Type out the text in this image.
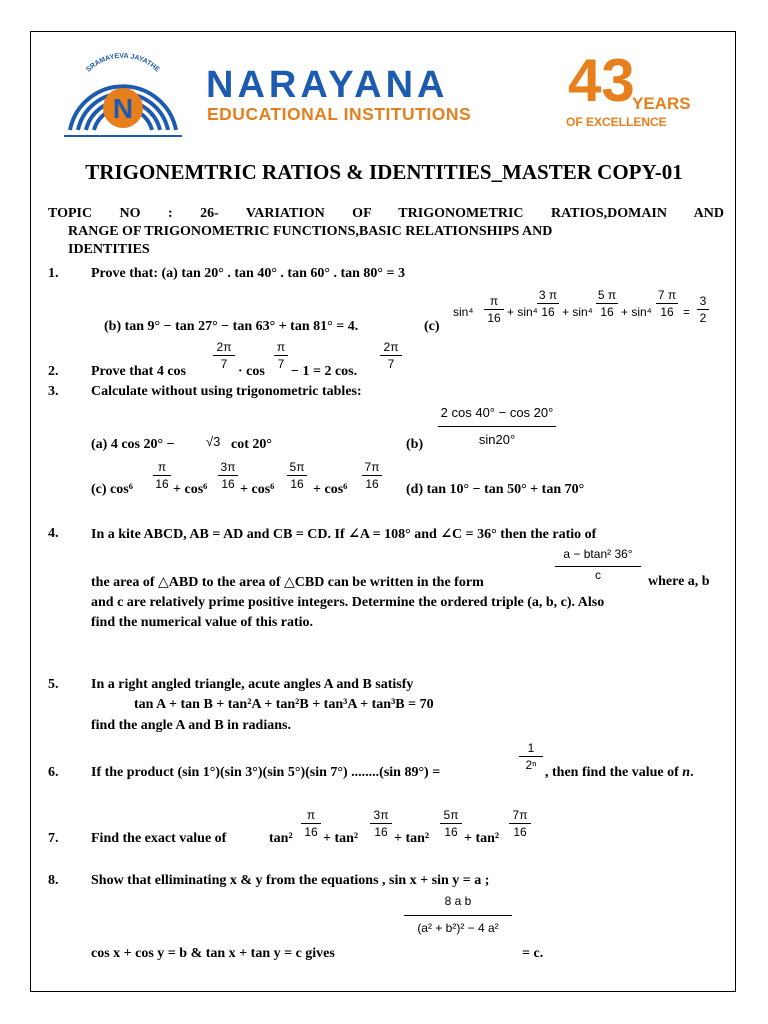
N
SRAMAYEVA JAYATHE NARAYANA
EDUCATIONAL INSTITUTIONS 43
YEARS
OF EXCELLENCE
TRIGONEMTRIC RATIOS & IDENTITIES_MASTER COPY-01
TOPIC NO : 26- VARIATION OF TRIGONOMETRIC RATIOS,DOMAIN AND
RANGE OF TRIGONOMETRIC FUNCTIONS,BASIC RELATIONSHIPS AND
IDENTITIES
1. Prove that: (a) tan 20° . tan 40° . tan 60° . tan 80° = 3
(b) tan 9° − tan 27° − tan 63° + tan 81° = 4.	(c)
sin⁴
π
16 + sin⁴
3 π
16 + sin⁴
5 π
16 + sin⁴
7 π
16 =
3
2
2. Prove that 4 cos
2π
7 · cos
π
7 − 1 = 2 cos.
2π
7
3. Calculate without using trigonometric tables:
(a) 4 cos 20° − √3 cot 20°	(b)
2 cos 40° − cos 20°
sin20°
(c) cos⁶
π
16 + cos⁶
3π
16 + cos⁶
5π
16 + cos⁶
7π
16 (d) tan 10° − tan 50° + tan 70°
4. In a kite ABCD, AB = AD and CB = CD. If ∠A = 108° and ∠C = 36° then the ratio of
a − btan² 36°
c
the area of △ABD to the area of △CBD can be written in the form	where a, b
and c are relatively prime positive integers. Determine the ordered triple (a, b, c). Also
find the numerical value of this ratio.
5. In a right angled triangle, acute angles A and B satisfy
tan A + tan B + tan²A + tan²B + tan³A + tan³B = 70
find the angle A and B in radians.
6. If the product (sin 1°)(sin 3°)(sin 5°)(sin 7°) ........(sin 89°) =
1
2ⁿ , then find the value of n.
7. Find the exact value of	tan²
π
16 + tan²
3π
16 + tan²
5π
16 + tan²
7π
16
8. Show that elliminating x & y from the equations , sin x + sin y = a ;
cos x + cos y = b & tan x + tan y = c gives
8 a b
(a² + b²)² − 4 a²
= c.
